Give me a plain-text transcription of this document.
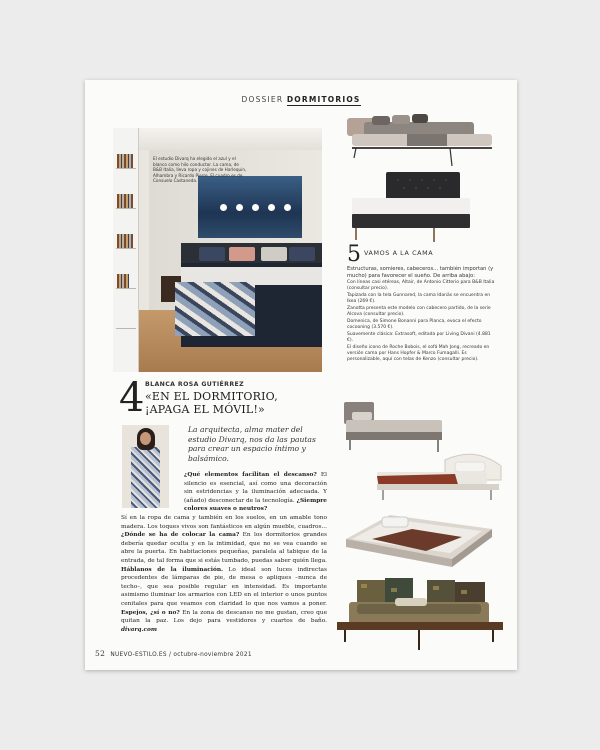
DOSSIER DORMITORIOS
El estudio Divarq ha elegido el azul y el blanco como hilo conductor. La cama, de B&B Italia, lleva ropa y cojines de Harlequin, Alhambra y Ricardo Pierre. El cuadro es de Consuelo Castaneda.
4 BLANCA ROSA GUTIÉRREZ
«EN EL DORMITORIO,
¡APAGA EL MÓVIL!»
La arquitecta, alma mater del estudio Divarq, nos da las pautas para crear un espacio íntimo y balsámico.
¿Qué elementos facilitan el descanso? El silencio es esencial, así como una decoración sin estridencias y la iluminación adecuada. Y (añado) desconectar de la tecnología. ¿Siempre colores suaves o neutros?
Sí en la ropa de cama y también en los suelos, en un amable tono madera. Los toques vivos son fantásticos en algún mueble, cuadros... ¿Dónde se ha de colocar la cama? En los dormitorios grandes debería quedar oculta y en la intimidad, que no se vea cuando se abre la puerta. En habitaciones pequeñas, paralela al tabique de la entrada, de tal forma que si estás tumbado, puedas saber quién llega. Háblanos de la iluminación. Lo ideal son luces indirectas procedentes de lámparas de pie, de mesa o apliques –nunca de techo–, que sea posible regular en intensidad. Es importante asimismo iluminar los armarios con LED en el interior o unos puntos cenitales para que veamos con claridad lo que nos vamos a poner. Espejos, ¿sí o no? En la zona de descanso no me gustan, creo que quitan la paz. Los dejo para vestidores y cuartos de baño. divarq.com
52 NUEVO-ESTILO.ES / octubre-noviembre 2021
5 VAMOS A LA CAMA
Estructuras, somieres, cabeceros... también importan (y mucho) para favorecer el sueño. De arriba abajo:
Con líneas casi etéreas, Altair, de Antonio Citterio para B&B Italia (consultar precio).
Tapizada con la tela Gunnared, la cama Idanäs se encuentra en Ikea (269 €).
Zanotta presenta este modelo con cabecero partido, de la serie Alcova (consultar precio).
Domenica, de Simone Bonanni para Planca, evoca el efecto cocooning (3.570 €).
Suavemente clásica: Extrasoft, editada por Living Divani (4.881 €).
El diseño icono de Roche Bobois, el sofá Mah Jong, recreado en versión cama por Hans Hopfer & Marco Fumagalli. Es personalizable, aquí con telas de Kenzo (consultar precio).
